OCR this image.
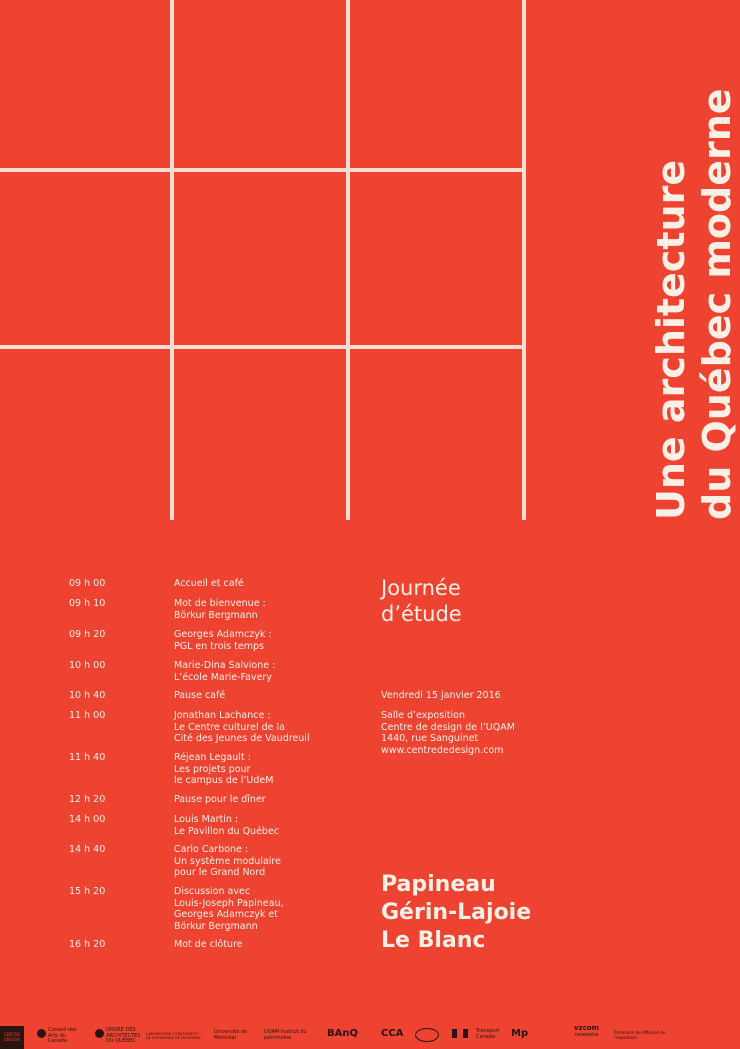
Une architecture du Québec moderne
09 h 00	Accueil et café
09 h 10	Mot de bienvenue :
Börkur Bergmann
09 h 20	Georges Adamczyk :
PGL en trois temps
10 h 00	Marie-Dina Salvione :
L’école Marie-Favery
10 h 40	Pause café
11 h 00	Jonathan Lachance :
Le Centre culturel de la
Cité des Jeunes de Vaudreuil
11 h 40	Réjean Legault :
Les projets pour
le campus de l’UdeM
12 h 20	Pause pour le dîner
14 h 00	Louis Martin :
Le Pavillon du Québec
14 h 40	Carlo Carbone :
Un système modulaire
pour le Grand Nord
15 h 20	Discussion avec
Louis-Joseph Papineau,
Georges Adamczyk et
Börkur Bergmann
16 h 20	Mot de clôture
Journée
d’étude
Vendredi 15 janvier 2016
Salle d’exposition
Centre de design de l’UQAM
1440, rue Sanguinet
www.centrededesign.com
Papineau
Gérin-Lajoie
Le Blanc
CENTRE DESIGN
Conseil des Arts du Canada
ORDRE DES ARCHITECTES DU QUÉBEC
LABORATOIRE D’HISTOIRE ET DE PATRIMOINE DE MONTRÉAL
Université de Montréal
UQAM Institut du patrimoine	BAnQ CCA	Transport Canada	Mp	vzcom
newswire	Partenaire de diffusion de l’exposition
